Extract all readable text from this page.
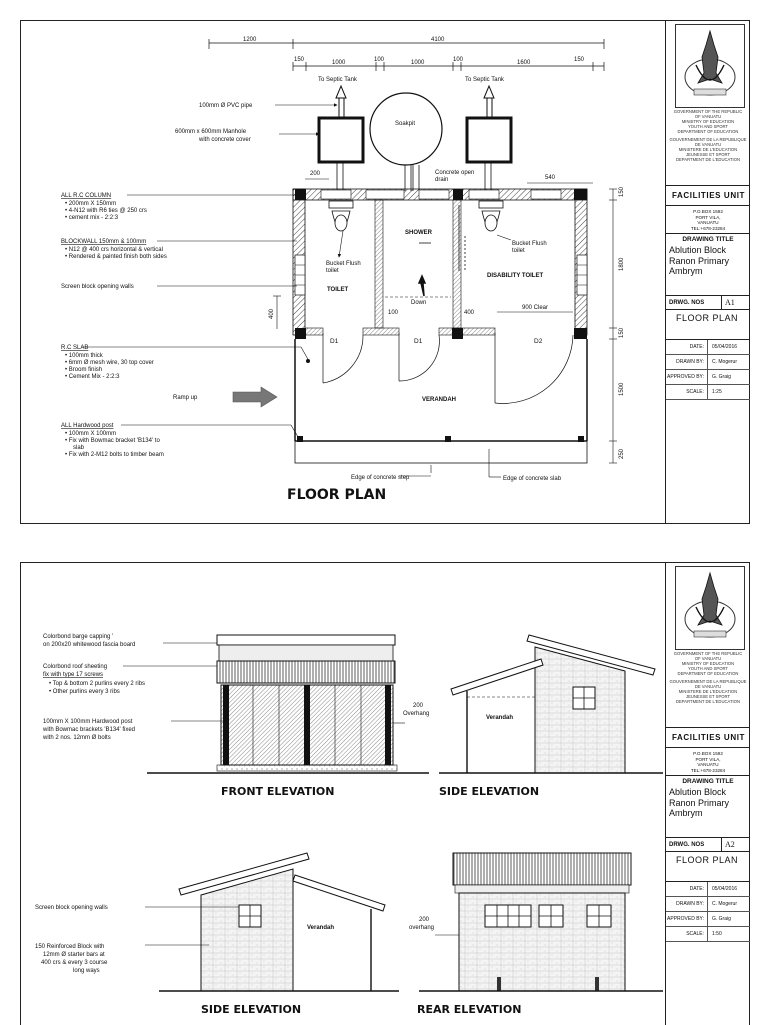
1200	4100
150	1000	100	1000	100	1600	150
To Septic Tank	To Septic Tank
Soakpit
100mm Ø PVC pipe
600mm x 600mm Manhole
with concrete cover
Concrete open
drain
200
540
Bucket Flush
toilet
Bucket Flush
toilet
TOILET
SHOWER
DISABILITY TOILET
Down
D1	D1	D2
100	400
900 Clear
VERANDAH
Ramp up
150
1800
150
1500
250
400
ALL R.C COLUMN
• 200mm X 150mm
• 4-N12 with R6 ties @ 250 crs
• cement mix - 2:2:3
BLOCKWALL 150mm & 100mm
• N12 @ 400 crs horizontal & vertical
• Rendered & painted finish both sides
Screen block opening walls
R.C SLAB
• 100mm thick
• 6mm Ø mesh wire, 30 top cover
• Broom finish
• Cement Mix - 2:2:3
ALL Hardwood post
• 100mm X 100mm
• Fix with Bowmac bracket 'B134' to
slab
• Fix with 2-M12 bolts to timber beam
Edge of concrete step	Edge of concrete slab
FLOOR PLAN
GOVERNMENT OF THE REPUBLIC
OF VANUATU
MINISTRY OF EDUCATION
YOUTH AND SPORT
DEPARTMENT OF EDUCATION
GOUVERNEMENT DE LA REPUBLIQUE
DE VANUATU
MINISTERE DE L'EDUCATION
JEUNESSE ET SPORT
DEPARTMENT DE L'EDUCATION
FACILITIES UNIT
P.O.BOX 1592
PORT VILA,
VANUATU
TEL:+678-23284
DRAWING TITLE
Ablution Block
Ranon Primary
Ambrym
DRWG. NOS	A1
FLOOR PLAN
DATE:	05/04/2016
DRAWN BY:	C. Mogerur
APPROVED BY:	G. Graig
SCALE:	1:25
Colorbond barge capping '
on 200x20 whitewood fascia board
Colorbond roof sheeting
fix with type 17 screws
• Top & bottom 2 purlins every 2 ribs
• Other purlins every 3 ribs
100mm X 100mm Hardwood post
with Bowmac brackets 'B134' fixed
with 2 nos. 12mm Ø bolts
200
Overhang
FRONT ELEVATION
Verandah
SIDE ELEVATION
Verandah
Screen block opening walls
150 Reinforced Block with
12mm Ø starter bars at
400 crs & every 3 course
long ways
SIDE ELEVATION
200
overhang
REAR ELEVATION
GOVERNMENT OF THE REPUBLIC
OF VANUATU
MINISTRY OF EDUCATION
YOUTH AND SPORT
DEPARTMENT OF EDUCATION
GOUVERNEMENT DE LA REPUBLIQUE
DE VANUATU
MINISTERE DE L'EDUCATION
JEUNESSE ET SPORT
DEPARTMENT DE L'EDUCATION
FACILITIES UNIT
P.O.BOX 1592
PORT VILA,
VANUATU
TEL:+678-23284
DRAWING TITLE
Ablution Block
Ranon Primary
Ambrym
DRWG. NOS	A2
FLOOR PLAN
DATE:	05/04/2016
DRAWN BY:	C. Mogerur
APPROVED BY:	G. Graig
SCALE:	1:50
